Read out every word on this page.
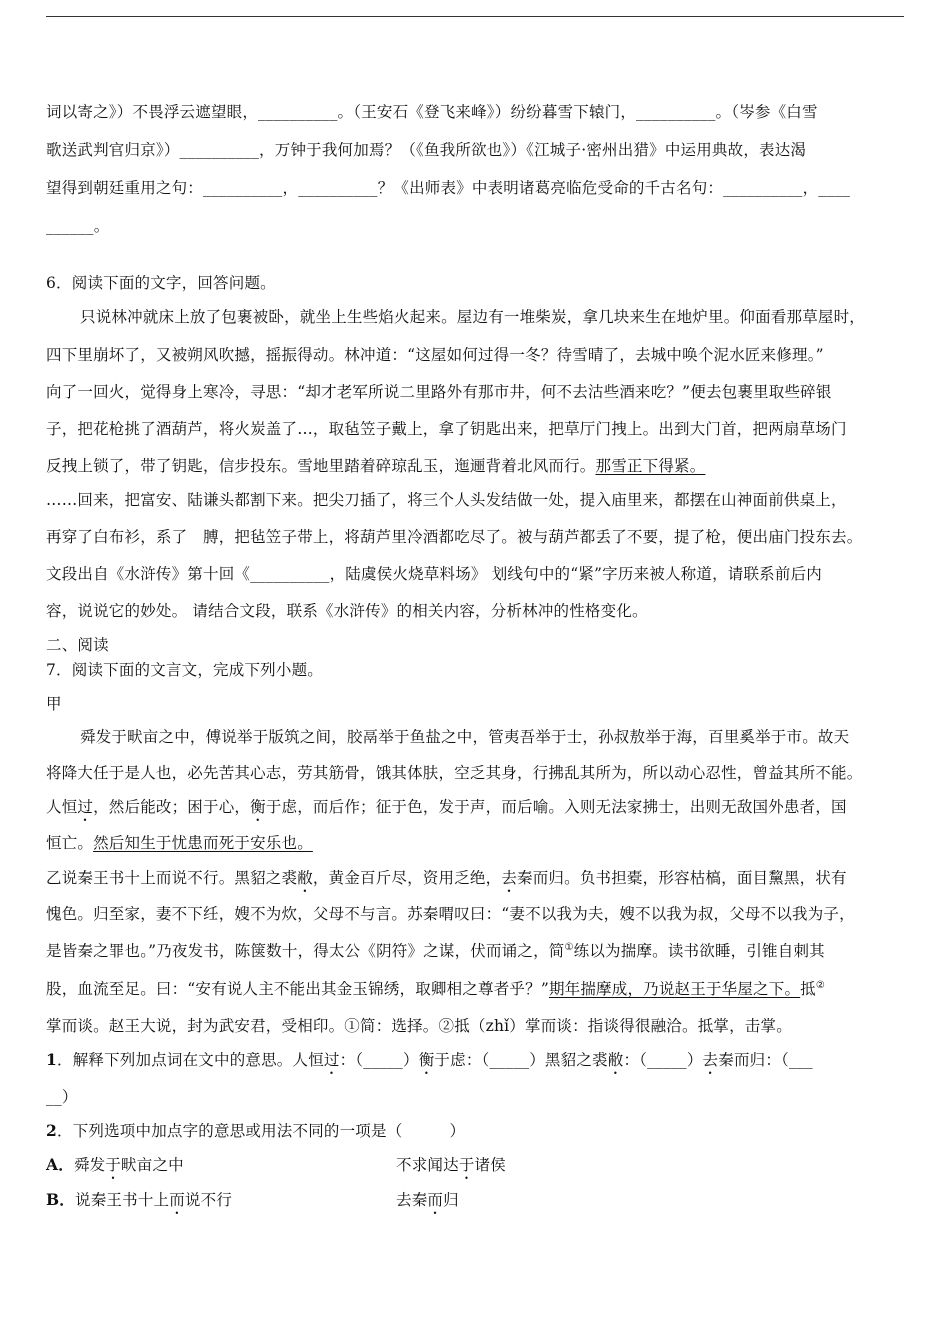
词以寄之》）不畏浮云遮望眼，__________。（王安石《登飞来峰》）纷纷暮雪下辕门，__________。（岑参《白雪
歌送武判官归京》）__________，万钟于我何加焉？（《鱼我所欲也》）《江城子·密州出猎》中运用典故，表达渴
望得到朝廷重用之句：__________，__________？《出师表》中表明诸葛亮临危受命的千古名句：__________，____
______。
6．阅读下面的文字，回答问题。
只说林冲就床上放了包裹被卧，就坐上生些焰火起来。屋边有一堆柴炭，拿几块来生在地炉里。仰面看那草屋时，
四下里崩坏了，又被朔风吹撼，摇振得动。林冲道：“这屋如何过得一冬？待雪晴了，去城中唤个泥水匠来修理。”
向了一回火，觉得身上寒冷，寻思：“却才老军所说二里路外有那市井，何不去沽些酒来吃？”便去包裹里取些碎银
子，把花枪挑了酒葫芦，将火炭盖了…，取毡笠子戴上，拿了钥匙出来，把草厅门拽上。出到大门首，把两扇草场门
反拽上锁了，带了钥匙，信步投东。雪地里踏着碎琼乱玉，迤逦背着北风而行。那雪正下得紧。
……回来，把富安、陆谦头都割下来。把尖刀插了，将三个人头发结做一处，提入庙里来，都摆在山神面前供桌上，
再穿了白布衫，系了　膊，把毡笠子带上，将葫芦里冷酒都吃尽了。被与葫芦都丢了不要，提了枪，便出庙门投东去。
文段出自《水浒传》第十回《__________，陆虞侯火烧草料场》 划线句中的“紧”字历来被人称道，请联系前后内
容，说说它的妙处。 请结合文段，联系《水浒传》的相关内容，分析林冲的性格变化。
二、阅读
7．阅读下面的文言文，完成下列小题。
甲
舜发于畎亩之中，傅说举于版筑之间，胶鬲举于鱼盐之中，管夷吾举于士，孙叔敖举于海，百里奚举于市。故天
将降大任于是人也，必先苦其心志，劳其筋骨，饿其体肤，空乏其身，行拂乱其所为，所以动心忍性，曾益其所不能。
人恒过，然后能改；困于心，衡于虑，而后作；征于色，发于声，而后喻。入则无法家拂士，出则无敌国外患者，国
恒亡。然后知生于忧患而死于安乐也。
乙说秦王书十上而说不行。黑貂之裘敝，黄金百斤尽，资用乏绝，去秦而归。负书担橐，形容枯槁，面目黧黑，状有
愧色。归至家，妻不下纴，嫂不为炊，父母不与言。苏秦喟叹曰：“妻不以我为夫，嫂不以我为叔，父母不以我为子，
是皆秦之罪也。”乃夜发书，陈箧数十，得太公《阴符》之谋，伏而诵之，简①练以为揣摩。读书欲睡，引锥自刺其
股，血流至足。曰：“安有说人主不能出其金玉锦绣，取卿相之尊者乎？”期年揣摩成，乃说赵王于华屋之下。抵②
掌而谈。赵王大说，封为武安君，受相印。①简：选择。②抵（zhǐ）掌而谈：指谈得很融洽。抵掌，击掌。
1．解释下列加点词在文中的意思。人恒过：（_____）衡于虑：（_____）黑貂之裘敝：（_____）去秦而归：（___
__）
2．下列选项中加点字的意思或用法不同的一项是（　　　）
A．舜发于畎亩之中	不求闻达于诸侯
B．说秦王书十上而说不行	去秦而归
